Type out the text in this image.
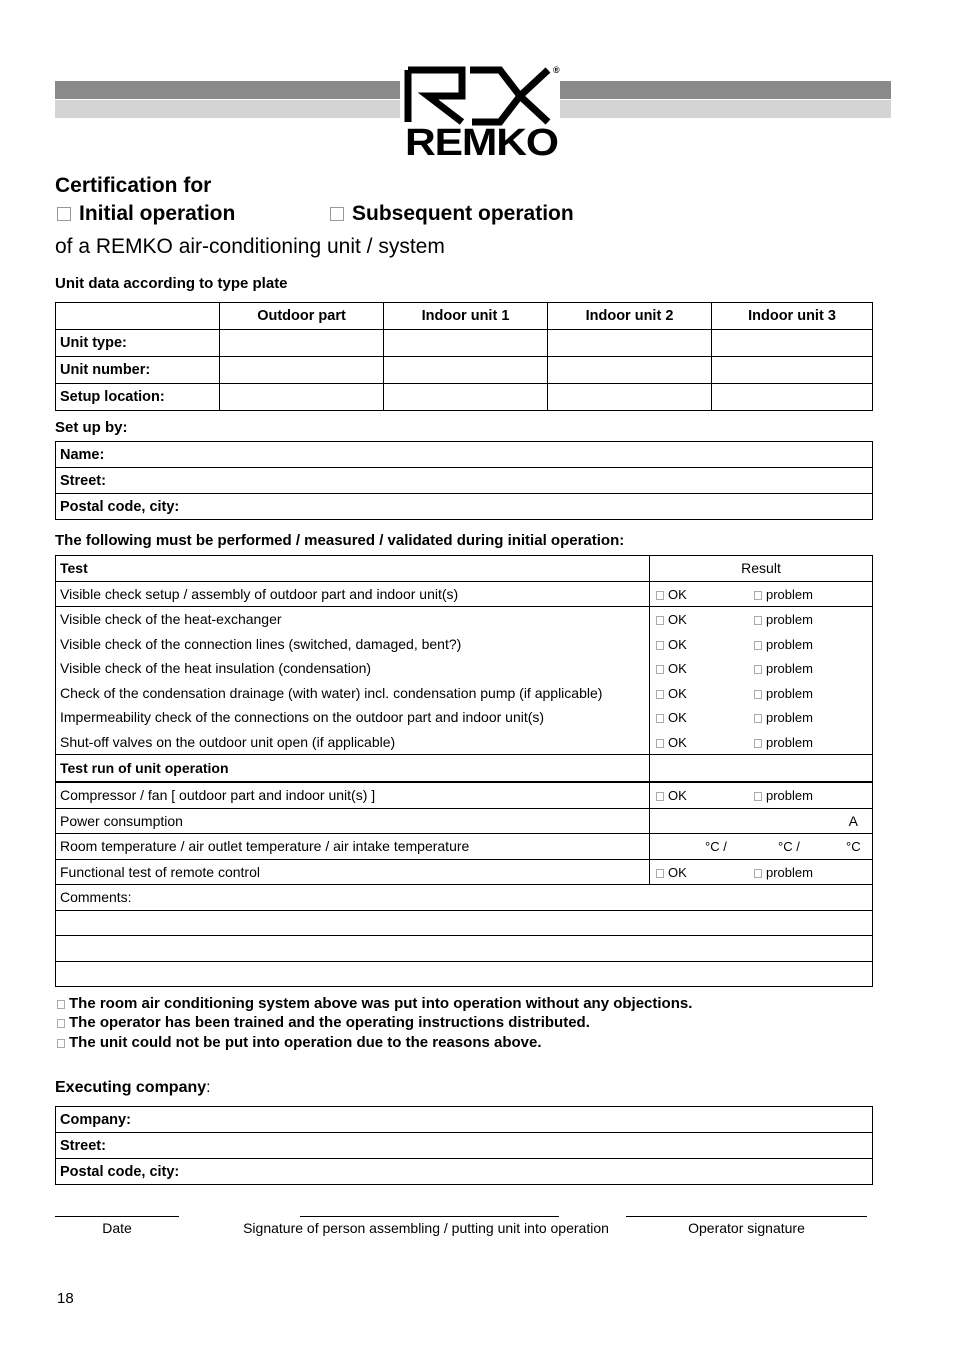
®
REMKO
Certification for
Initial operation	Subsequent operation
of a REMKO air-conditioning unit / system
Unit data according to type plate
	Outdoor part	Indoor unit 1	Indoor unit 2	Indoor unit 3
Unit type:				
Unit number:				
Setup location:				
Set up by:
Name:
Street:
Postal code, city:
The following must be performed / measured / validated during initial operation:
Test	Result
Visible check setup / assembly of outdoor part and indoor unit(s)	OK problem

Visible check of the heat-exchanger	OK problem

Visible check of the connection lines (switched, damaged, bent?)	OK problem

Visible check of the heat insulation (condensation)	OK problem

Check of the condensation drainage (with water) incl. condensation pump (if applicable)	OK problem

Impermeability check of the connections on the outdoor part and indoor unit(s)	OK problem

Shut-off valves on the outdoor unit open (if applicable)	OK problem

Test run of unit operation	
Compressor / fan [ outdoor part and indoor unit(s) ]	OK problem

Power consumption	A
Room temperature / air outlet temperature / air intake temperature	°C / °C / °C

Functional test of remote control	OK problem

Comments:	

The room air conditioning system above was put into operation without any objections.
The operator has been trained and the operating instructions distributed.
The unit could not be put into operation due to the reasons above.
Executing company:
Company:
Street:
Postal code, city:
Date	Signature of person assembling / putting unit into operation	Operator signature
18
